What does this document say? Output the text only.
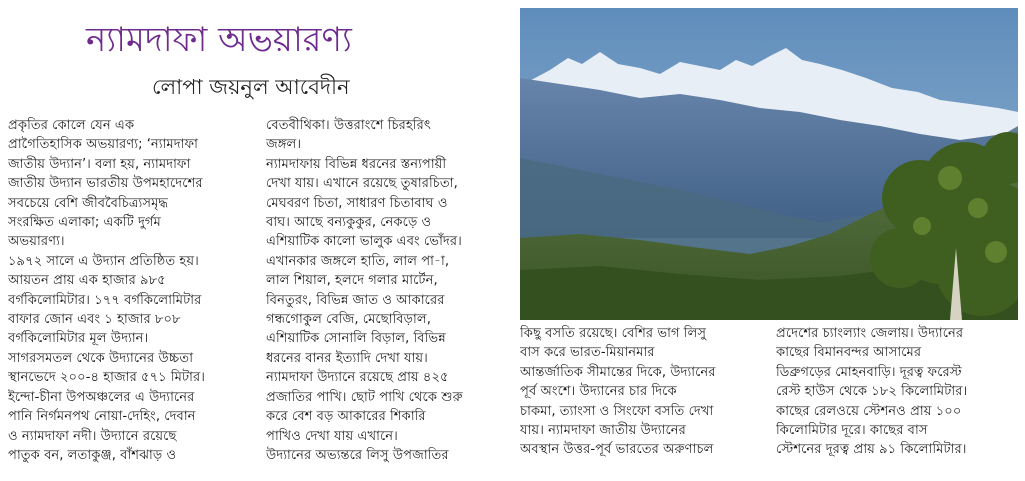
ন্যামদাফা অভয়ারণ্য
লোপা জয়নুল আবেদীন
প্রকৃতির কোলে যেন এক
প্রাগৈতিহাসিক অভয়ারণ্য; ‘ন্যামদাফা
জাতীয় উদ্যান’। বলা হয়, ন্যামদাফা
জাতীয় উদ্যান ভারতীয় উপমহাদেশের
সবচেয়ে বেশি জীববৈচিত্র্যসমৃদ্ধ
সংরক্ষিত এলাকা; একটি দুর্গম
অভয়ারণ্য।
১৯৭২ সালে এ উদ্যান প্রতিষ্ঠিত হয়।
আয়তন প্রায় এক হাজার ৯৮৫
বর্গকিলোমিটার। ১৭৭ বর্গকিলোমিটার
বাফার জোন এবং ১ হাজার ৮০৮
বর্গকিলোমিটার মূল উদ্যান।
সাগরসমতল থেকে উদ্যানের উচ্চতা
স্থানভেদে ২০০-৪ হাজার ৫৭১ মিটার।
ইন্দো-চীনা উপঅঞ্চলের এ উদ্যানের
পানি নির্গমনপথ নোয়া-দেহিং, দেবান
ও ন্যামদাফা নদী। উদ্যানে রয়েছে
পাতুক বন, লতাকুঞ্জ, বাঁশঝাড় ও
বেতবীথিকা। উত্তরাংশে চিরহরিৎ
জঙ্গল।
ন্যামদাফায় বিভিন্ন ধরনের স্তন্যপায়ী
দেখা যায়। এখানে রয়েছে তুষারচিতা,
মেঘবরণ চিতা, সাধারণ চিতাবাঘ ও
বাঘ। আছে বন্যকুকুর, নেকড়ে ও
এশিয়াটিক কালো ভালুক এবং ভোঁদর।
এখানকার জঙ্গলে হাতি, লাল পা-া,
লাল শিয়াল, হলদে গলার মার্টেন,
বিনতুরং, বিভিন্ন জাত ও আকারের
গন্ধগোকুল বেজি, মেছোবিড়াল,
এশিয়াটিক সোনালি বিড়াল, বিভিন্ন
ধরনের বানর ইত্যাদি দেখা যায়।
ন্যামদাফা উদ্যানে রয়েছে প্রায় ৪২৫
প্রজাতির পাখি। ছোট পাখি থেকে শুরু
করে বেশ বড় আকারের শিকারি
পাখিও দেখা যায় এখানে।
উদ্যানের অভ্যন্তরে লিসু উপজাতির
কিছু বসতি রয়েছে। বেশির ভাগ লিসু
বাস করে ভারত-মিয়ানমার
আন্তর্জাতিক সীমান্তের দিকে, উদ্যানের
পূর্ব অংশে। উদ্যানের চার দিকে
চাকমা, ত্যাংসা ও সিংফো বসতি দেখা
যায়। ন্যামদাফা জাতীয় উদ্যানের
অবস্থান উত্তর-পূর্ব ভারতের অরুণাচল
প্রদেশের চ্যাংল্যাং জেলায়। উদ্যানের
কাছের বিমানবন্দর আসামের
ডিব্রুগড়ের মোহনবাড়ি। দূরত্ব ফরেস্ট
রেস্ট হাউস থেকে ১৮২ কিলোমিটার।
কাছের রেলওয়ে স্টেশনও প্রায় ১০০
কিলোমিটার দূরে। কাছের বাস
স্টেশনের দূরত্ব প্রায় ৯১ কিলোমিটার।
